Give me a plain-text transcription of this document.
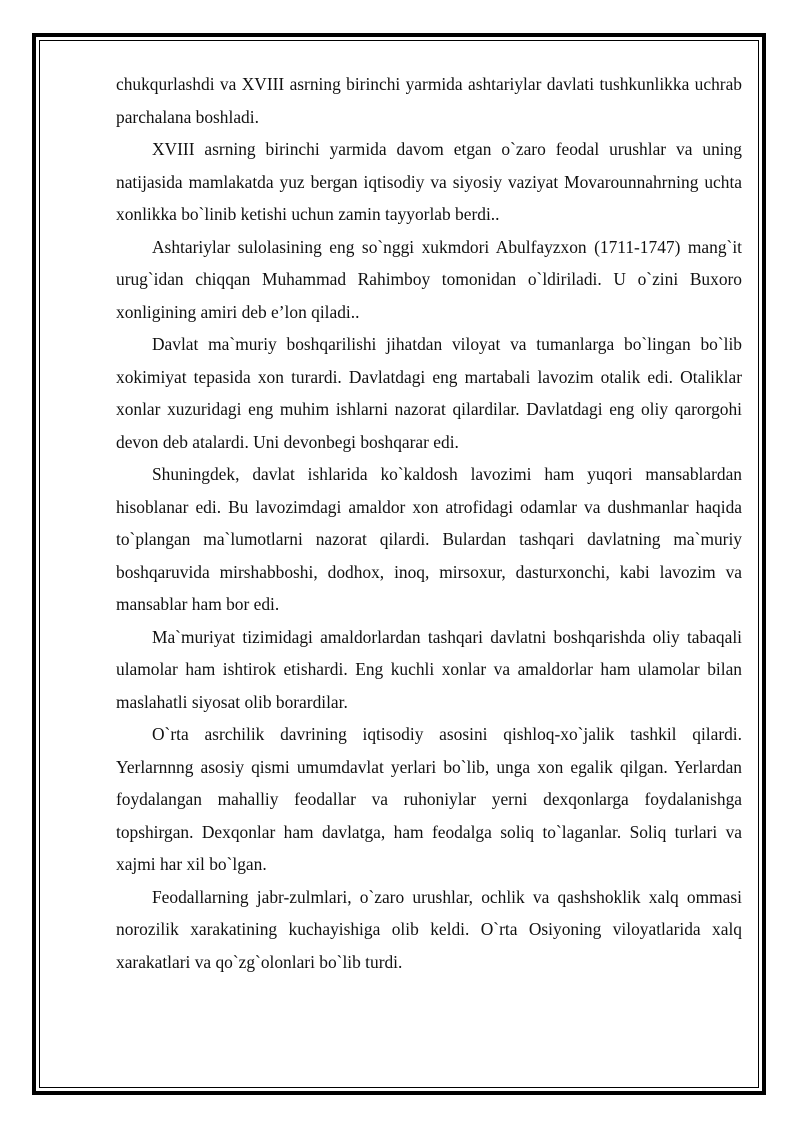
chukqurlashdi va XVIII asrning birinchi yarmida ashtariylar davlati tushkunlikka uchrab parchalana boshladi.

XVIII asrning birinchi yarmida davom etgan o`zaro feodal urushlar va uning natijasida mamlakatda yuz bergan iqtisodiy va siyosiy vaziyat Movarounnahrning uchta xonlikka bo`linib ketishi uchun zamin tayyorlab berdi..

Ashtariylar sulolasining eng so`nggi xukmdori Abulfayzxon (1711-1747) mang`it urug`idan chiqqan Muhammad Rahimboy tomonidan o`ldiriladi. U o`zini Buxoro xonligining amiri deb e’lon qiladi..

Davlat ma`muriy boshqarilishi jihatdan viloyat va tumanlarga bo`lingan bo`lib xokimiyat tepasida xon turardi. Davlatdagi eng martabali lavozim otalik edi. Otaliklar xonlar xuzuridagi eng muhim ishlarni nazorat qilardilar. Davlatdagi eng oliy qarorgohi devon deb atalardi. Uni devonbegi boshqarar edi.

Shuningdek, davlat ishlarida ko`kaldosh lavozimi ham yuqori mansablardan hisoblanar edi. Bu lavozimdagi amaldor xon atrofidagi odamlar va dushmanlar haqida to`plangan ma`lumotlarni nazorat qilardi. Bulardan tashqari davlatning ma`muriy boshqaruvida mirshabboshi, dodhox, inoq, mirsoxur, dasturxonchi, kabi lavozim va mansablar ham bor edi.

Ma`muriyat tizimidagi amaldorlardan tashqari davlatni boshqarishda oliy tabaqali ulamolar ham ishtirok etishardi. Eng kuchli xonlar va amaldorlar ham ulamolar bilan maslahatli siyosat olib borardilar.

O`rta asrchilik davrining iqtisodiy asosini qishloq-xo`jalik tashkil qilardi. Yerlarnnng asosiy qismi umumdavlat yerlari bo`lib, unga xon egalik qilgan. Yerlardan foydalangan mahalliy feodallar va ruhoniylar yerni dexqonlarga foydalanishga topshirgan. Dexqonlar ham davlatga, ham feodalga soliq to`laganlar. Soliq turlari va xajmi har xil bo`lgan.

Feodallarning jabr-zulmlari, o`zaro urushlar, ochlik va qashshoklik xalq ommasi norozilik xarakatining kuchayishiga olib keldi. O`rta Osiyoning viloyatlarida xalq xarakatlari va qo`zg`olonlari bo`lib turdi.
